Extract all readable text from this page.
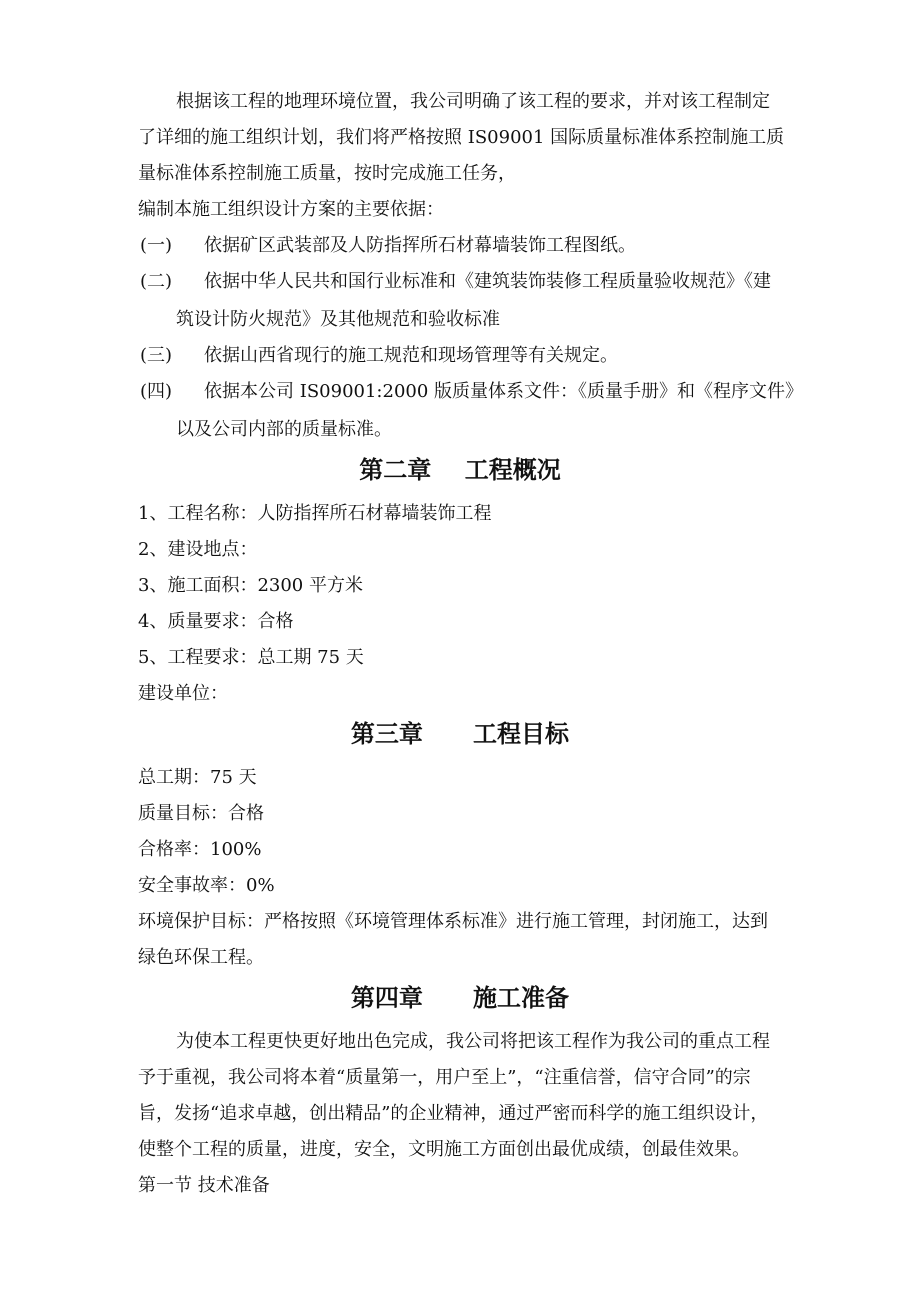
根据该工程的地理环境位置，我公司明确了该工程的要求，并对该工程制定
了详细的施工组织计划，我们将严格按照 IS09001 国际质量标准体系控制施工质
量标准体系控制施工质量，按时完成施工任务，
编制本施工组织设计方案的主要依据：
(一) 依据矿区武装部及人防指挥所石材幕墙装饰工程图纸。
(二) 依据中华人民共和国行业标准和《建筑装饰装修工程质量验收规范》《建
筑设计防火规范》及其他规范和验收标准
(三) 依据山西省现行的施工规范和现场管理等有关规定。
(四) 依据本公司 IS09001:2000 版质量体系文件：《质量手册》和《程序文件》
以及公司内部的质量标准。
第二章    工程概况
1、工程名称：人防指挥所石材幕墙装饰工程
2、建设地点：
3、施工面积：2300 平方米
4、质量要求：合格
5、工程要求：总工期 75 天
建设单位：
第三章      工程目标
总工期：75 天
质量目标：合格
合格率：100%
安全事故率：0%
环境保护目标：严格按照《环境管理体系标准》进行施工管理，封闭施工，达到
绿色环保工程。
第四章      施工准备
为使本工程更快更好地出色完成，我公司将把该工程作为我公司的重点工程
予于重视，我公司将本着“质量第一，用户至上”，“注重信誉，信守合同”的宗
旨，发扬“追求卓越，创出精品”的企业精神，通过严密而科学的施工组织设计，
使整个工程的质量，进度，安全，文明施工方面创出最优成绩，创最佳效果。
第一节 技术准备
